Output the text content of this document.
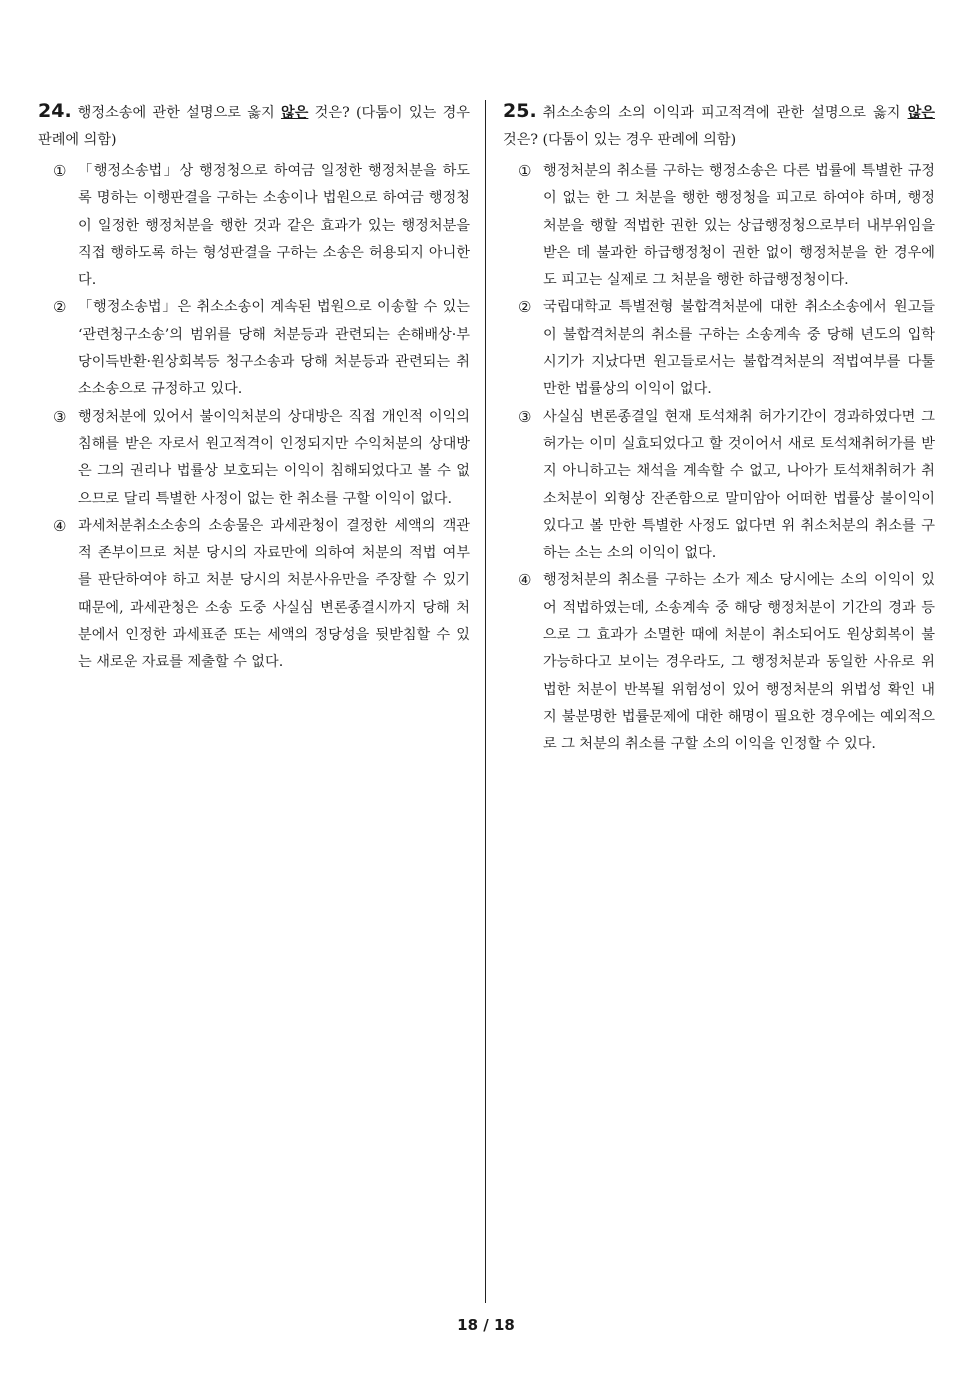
24. 행정소송에 관한 설명으로 옳지 않은 것은? (다툼이 있는 경우 판례에 의함)

① 「행정소송법」상 행정청으로 하여금 일정한 행정처분을 하도록 명하는 이행판결을 구하는 소송이나 법원으로 하여금 행정청이 일정한 행정처분을 행한 것과 같은 효과가 있는 행정처분을 직접 행하도록 하는 형성판결을 구하는 소송은 허용되지 아니한다.

② 「행정소송법」은 취소소송이 계속된 법원으로 이송할 수 있는 ‘관련청구소송’의 범위를 당해 처분등과 관련되는 손해배상·부당이득반환·원상회복등 청구소송과 당해 처분등과 관련되는 취소소송으로 규정하고 있다.

③ 행정처분에 있어서 불이익처분의 상대방은 직접 개인적 이익의 침해를 받은 자로서 원고적격이 인정되지만 수익처분의 상대방은 그의 권리나 법률상 보호되는 이익이 침해되었다고 볼 수 없으므로 달리 특별한 사정이 없는 한 취소를 구할 이익이 없다.

④ 과세처분취소소송의 소송물은 과세관청이 결정한 세액의 객관적 존부이므로 처분 당시의 자료만에 의하여 처분의 적법 여부를 판단하여야 하고 처분 당시의 처분사유만을 주장할 수 있기 때문에, 과세관청은 소송 도중 사실심 변론종결시까지 당해 처분에서 인정한 과세표준 또는 세액의 정당성을 뒷받침할 수 있는 새로운 자료를 제출할 수 없다.

25. 취소소송의 소의 이익과 피고적격에 관한 설명으로 옳지 않은 것은? (다툼이 있는 경우 판례에 의함)

① 행정처분의 취소를 구하는 행정소송은 다른 법률에 특별한 규정이 없는 한 그 처분을 행한 행정청을 피고로 하여야 하며, 행정처분을 행할 적법한 권한 있는 상급행정청으로부터 내부위임을 받은 데 불과한 하급행정청이 권한 없이 행정처분을 한 경우에도 피고는 실제로 그 처분을 행한 하급행정청이다.

② 국립대학교 특별전형 불합격처분에 대한 취소소송에서 원고들이 불합격처분의 취소를 구하는 소송계속 중 당해 년도의 입학시기가 지났다면 원고들로서는 불합격처분의 적법여부를 다툴만한 법률상의 이익이 없다.

③ 사실심 변론종결일 현재 토석채취 허가기간이 경과하였다면 그 허가는 이미 실효되었다고 할 것이어서 새로 토석채취허가를 받지 아니하고는 채석을 계속할 수 없고, 나아가 토석채취허가 취소처분이 외형상 잔존함으로 말미암아 어떠한 법률상 불이익이 있다고 볼 만한 특별한 사정도 없다면 위 취소처분의 취소를 구하는 소는 소의 이익이 없다.

④ 행정처분의 취소를 구하는 소가 제소 당시에는 소의 이익이 있어 적법하였는데, 소송계속 중 해당 행정처분이 기간의 경과 등으로 그 효과가 소멸한 때에 처분이 취소되어도 원상회복이 불가능하다고 보이는 경우라도, 그 행정처분과 동일한 사유로 위법한 처분이 반복될 위험성이 있어 행정처분의 위법성 확인 내지 불분명한 법률문제에 대한 해명이 필요한 경우에는 예외적으로 그 처분의 취소를 구할 소의 이익을 인정할 수 있다.

18 / 18
